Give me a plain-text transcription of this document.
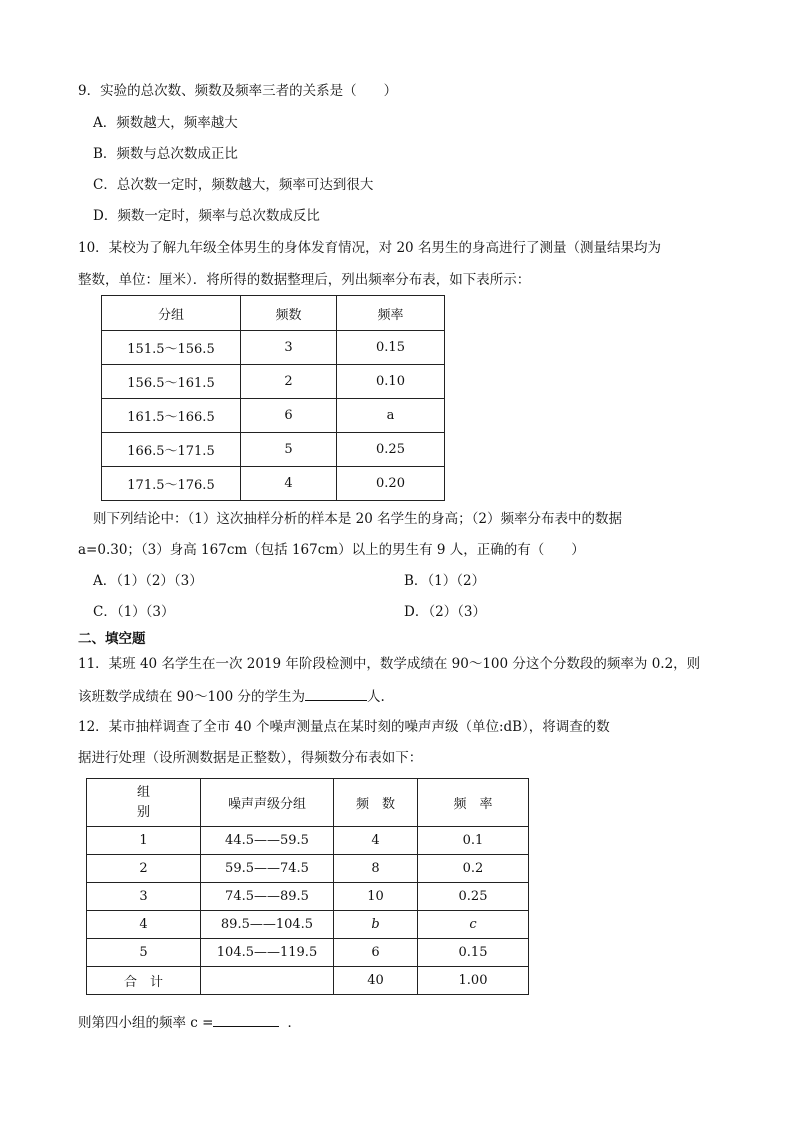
9．实验的总次数、频数及频率三者的关系是（　　）
A．频数越大，频率越大
B．频数与总次数成正比
C．总次数一定时，频数越大，频率可达到很大
D．频数一定时，频率与总次数成反比
10．某校为了解九年级全体男生的身体发育情况，对 20 名男生的身高进行了测量（测量结果均为
整数，单位：厘米）．将所得的数据整理后，列出频率分布表，如下表所示：
分组	频数	频率
151.5～156.5	3	0.15
156.5～161.5	2	0.10
161.5～166.5	6	a
166.5～171.5	5	0.25
171.5～176.5	4	0.20
则下列结论中：（1）这次抽样分析的样本是 20 名学生的身高；（2）频率分布表中的数据
a=0.30；（3）身高 167cm（包括 167cm）以上的男生有 9 人，正确的有（　　）
A．（1）（2）（3）	B．（1）（2）
C．（1）（3）	D．（2）（3）
二、填空题
11．某班 40 名学生在一次 2019 年阶段检测中，数学成绩在 90～100 分这个分数段的频率为 0.2，则
该班数学成绩在 90～100 分的学生为	人.
12．某市抽样调查了全市 40 个噪声测量点在某时刻的噪声声级（单位:dB），将调查的数
据进行处理（设所测数据是正整数），得频数分布表如下：
组
别	噪声声级分组	频　数	频　率
1	44.5——59.5	4	0.1
2	59.5——74.5	8	0.2
3	74.5——89.5	10	0.25
4	89.5——104.5	b	c
5	104.5——119.5	6	0.15
合　计		40	1.00
则第四小组的频率 c =	．
